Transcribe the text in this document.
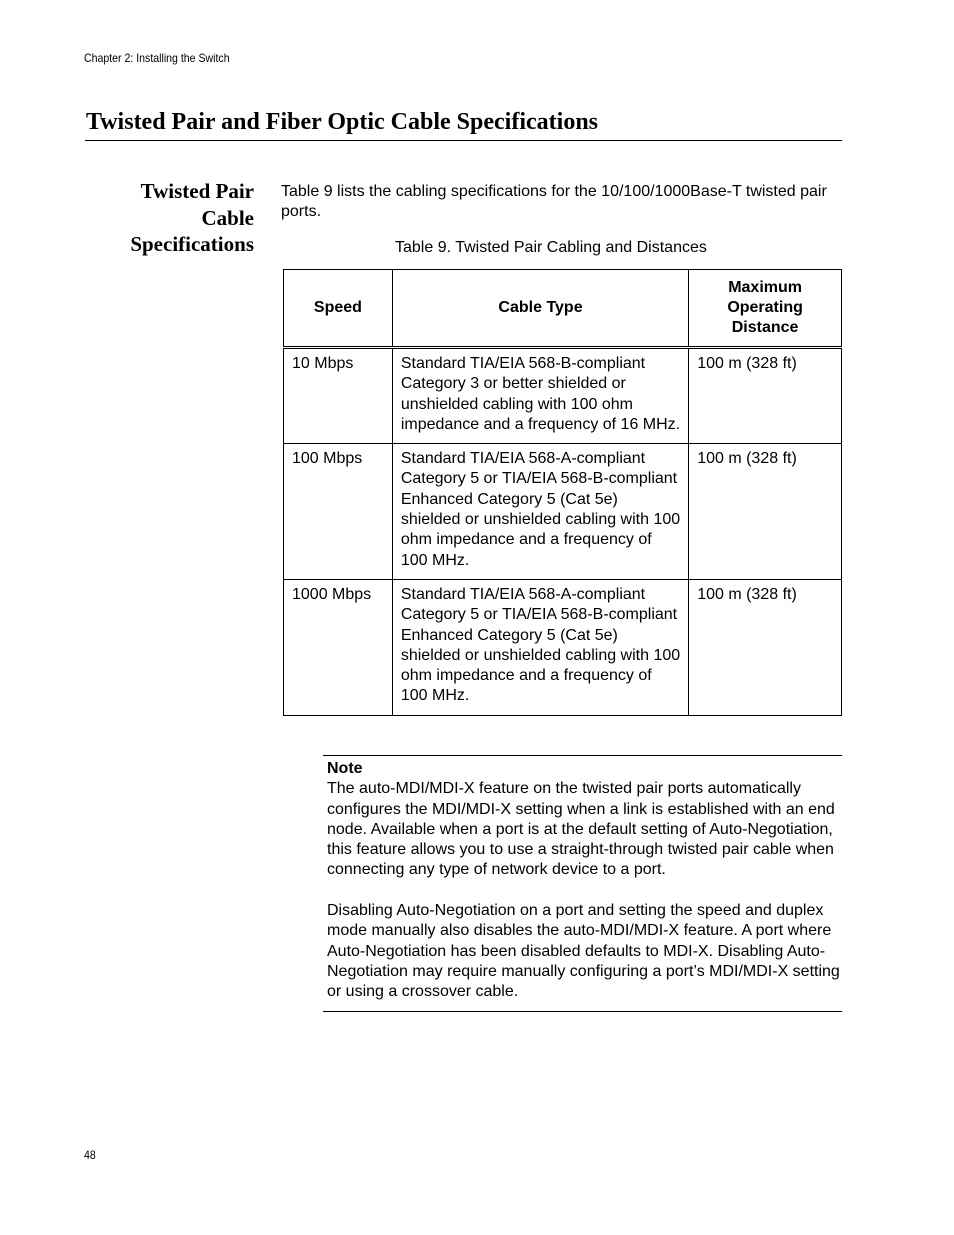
Chapter 2: Installing the Switch
Twisted Pair and Fiber Optic Cable Specifications
Twisted Pair
Cable
Specifications
Table 9 lists the cabling specifications for the 10/100/1000Base-T twisted pair ports.
Table 9. Twisted Pair Cabling and Distances
Speed	Cable Type	Maximum Operating Distance
10 Mbps	Standard TIA/EIA 568-B-compliant Category 3 or better shielded or unshielded cabling with 100 ohm impedance and a frequency of 16 MHz.	100 m (328 ft)
100 Mbps	Standard TIA/EIA 568-A-compliant Category 5 or TIA/EIA 568-B-compliant Enhanced Category 5 (Cat 5e) shielded or unshielded cabling with 100 ohm impedance and a frequency of 100 MHz.	100 m (328 ft)
1000 Mbps	Standard TIA/EIA 568-A-compliant Category 5 or TIA/EIA 568-B-compliant Enhanced Category 5 (Cat 5e) shielded or unshielded cabling with 100 ohm impedance and a frequency of 100 MHz.	100 m (328 ft)
Note

The auto-MDI/MDI-X feature on the twisted pair ports automatically configures the MDI/MDI-X setting when a link is established with an end node. Available when a port is at the default setting of Auto-Negotiation, this feature allows you to use a straight-through twisted pair cable when connecting any type of network device to a port.

Disabling Auto-Negotiation on a port and setting the speed and duplex mode manually also disables the auto-MDI/MDI-X feature. A port where Auto-Negotiation has been disabled defaults to MDI-X. Disabling Auto-Negotiation may require manually configuring a port’s MDI/MDI-X setting or using a crossover cable.

48
